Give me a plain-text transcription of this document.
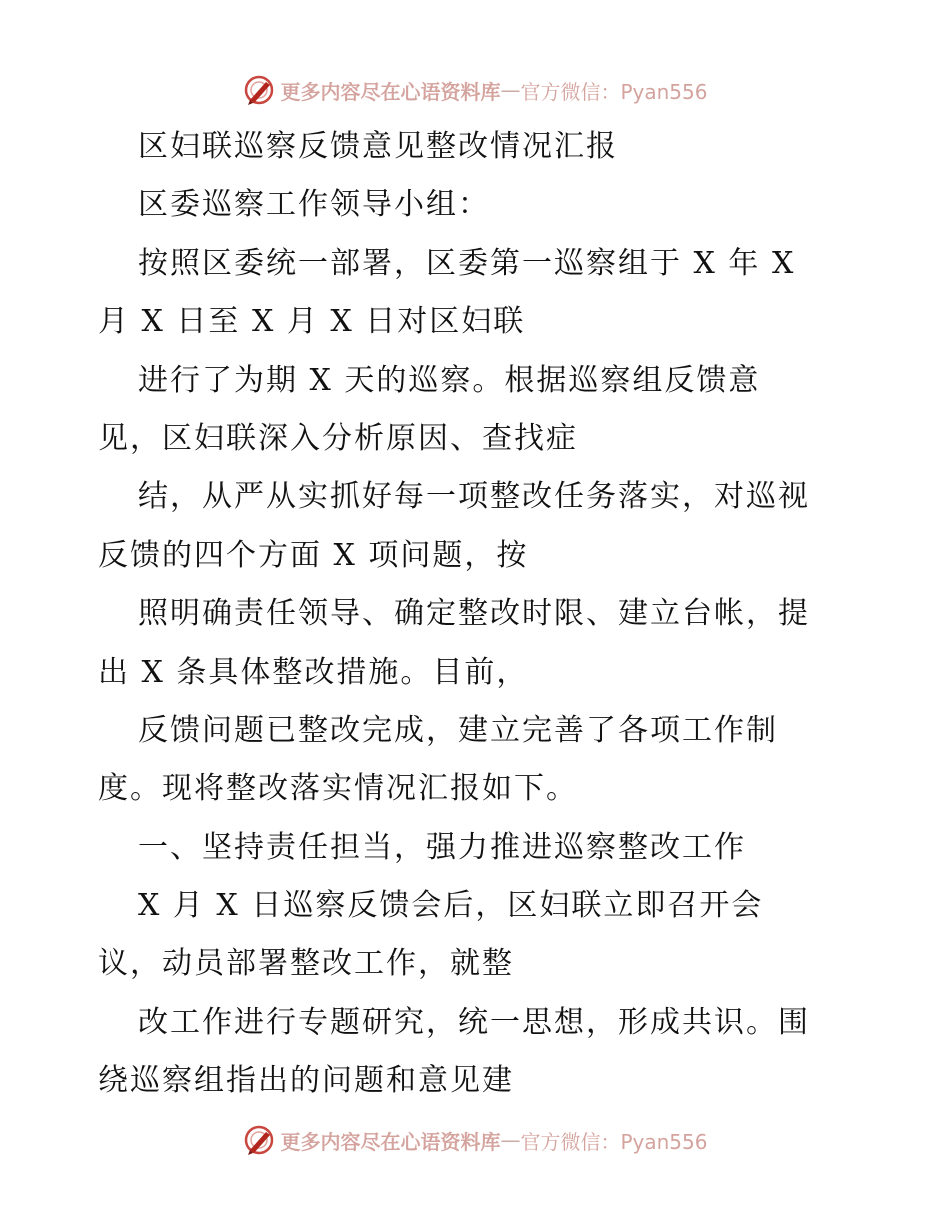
更多内容尽在心语资料库 — 官方微信：Pyan556
区妇联巡察反馈意见整改情况汇报
区委巡察工作领导小组：
按照区委统一部署，区委第一巡察组于 X 年 X
月 X 日至 X 月 X 日对区妇联
进行了为期 X 天的巡察。根据巡察组反馈意
见，区妇联深入分析原因、查找症
结，从严从实抓好每一项整改任务落实，对巡视
反馈的四个方面 X 项问题，按
照明确责任领导、确定整改时限、建立台帐，提
出 X 条具体整改措施。目前，
反馈问题已整改完成，建立完善了各项工作制
度。现将整改落实情况汇报如下。
一、坚持责任担当，强力推进巡察整改工作
X 月 X 日巡察反馈会后，区妇联立即召开会
议，动员部署整改工作，就整
改工作进行专题研究，统一思想，形成共识。围
绕巡察组指出的问题和意见建
更多内容尽在心语资料库 — 官方微信：Pyan556
